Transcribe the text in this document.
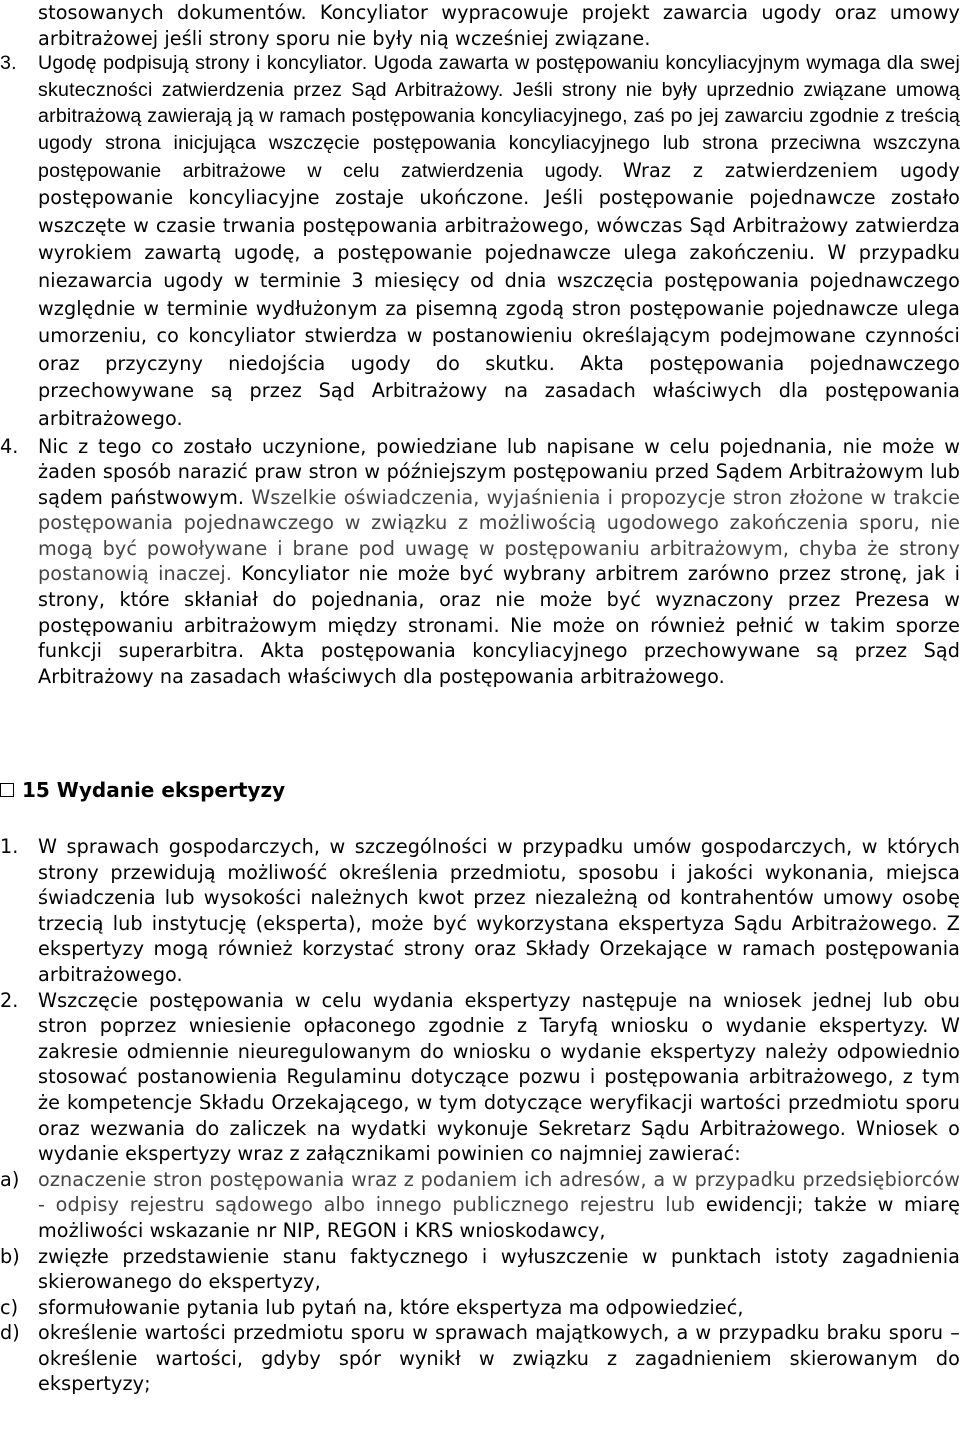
stosowanych dokumentów. Koncyliator wypracowuje projekt zawarcia ugody oraz umowy arbitrażowej jeśli strony sporu nie były nią wcześniej związane.

3. Ugodę podpisują strony i koncyliator. Ugoda zawarta w postępowaniu koncyliacyjnym wymaga dla swej skuteczności zatwierdzenia przez Sąd Arbitrażowy. Jeśli strony nie były uprzednio związane umową arbitrażową zawierają ją w ramach postępowania koncyliacyjnego, zaś po jej zawarciu zgodnie z treścią ugody strona inicjująca wszczęcie postępowania koncyliacyjnego lub strona przeciwna wszczyna postępowanie arbitrażowe w celu zatwierdzenia ugody. Wraz z zatwierdzeniem ugody postępowanie koncyliacyjne zostaje ukończone. Jeśli postępowanie pojednawcze zostało wszczęte w czasie trwania postępowania arbitrażowego, wówczas Sąd Arbitrażowy zatwierdza wyrokiem zawartą ugodę, a postępowanie pojednawcze ulega zakończeniu. W przypadku niezawarcia ugody w terminie 3 miesięcy od dnia wszczęcia postępowania pojednawczego względnie w terminie wydłużonym za pisemną zgodą stron postępowanie pojednawcze ulega umorzeniu, co koncyliator stwierdza w postanowieniu określającym podejmowane czynności oraz przyczyny niedojścia ugody do skutku. Akta postępowania pojednawczego przechowywane są przez Sąd Arbitrażowy na zasadach właściwych dla postępowania arbitrażowego.

4. Nic z tego co zostało uczynione, powiedziane lub napisane w celu pojednania, nie może w żaden sposób narazić praw stron w późniejszym postępowaniu przed Sądem Arbitrażowym lub sądem państwowym. Wszelkie oświadczenia, wyjaśnienia i propozycje stron złożone w trakcie postępowania pojednawczego w związku z możliwością ugodowego zakończenia sporu, nie mogą być powoływane i brane pod uwagę w postępowaniu arbitrażowym, chyba że strony postanowią inaczej. Koncyliator nie może być wybrany arbitrem zarówno przez stronę, jak i strony, które skłaniał do pojednania, oraz nie może być wyznaczony przez Prezesa w postępowaniu arbitrażowym między stronami. Nie może on również pełnić w takim sporze funkcji superarbitra. Akta postępowania koncyliacyjnego przechowywane są przez Sąd Arbitrażowy na zasadach właściwych dla postępowania arbitrażowego.

15 Wydanie ekspertyzy
1. W sprawach gospodarczych, w szczególności w przypadku umów gospodarczych, w których strony przewidują możliwość określenia przedmiotu, sposobu i jakości wykonania, miejsca świadczenia lub wysokości należnych kwot przez niezależną od kontrahentów umowy osobę trzecią lub instytucję (eksperta), może być wykorzystana ekspertyza Sądu Arbitrażowego. Z ekspertyzy mogą również korzystać strony oraz Składy Orzekające w ramach postępowania arbitrażowego.

2. Wszczęcie postępowania w celu wydania ekspertyzy następuje na wniosek jednej lub obu stron poprzez wniesienie opłaconego zgodnie z Taryfą wniosku o wydanie ekspertyzy. W zakresie odmiennie nieuregulowanym do wniosku o wydanie ekspertyzy należy odpowiednio stosować postanowienia Regulaminu dotyczące pozwu i postępowania arbitrażowego, z tym że kompetencje Składu Orzekającego, w tym dotyczące weryfikacji wartości przedmiotu sporu oraz wezwania do zaliczek na wydatki wykonuje Sekretarz Sądu Arbitrażowego. Wniosek o wydanie ekspertyzy wraz z załącznikami powinien co najmniej zawierać:

a) oznaczenie stron postępowania wraz z podaniem ich adresów, a w przypadku przedsiębiorców - odpisy rejestru sądowego albo innego publicznego rejestru lub ewidencji; także w miarę możliwości wskazanie nr NIP, REGON i KRS wnioskodawcy,

b) zwięzłe przedstawienie stanu faktycznego i wyłuszczenie w punktach istoty zagadnienia skierowanego do ekspertyzy,

c) sformułowanie pytania lub pytań na, które ekspertyza ma odpowiedzieć,

d) określenie wartości przedmiotu sporu w sprawach majątkowych, a w przypadku braku sporu – określenie wartości, gdyby spór wynikł w związku z zagadnieniem skierowanym do ekspertyzy;
